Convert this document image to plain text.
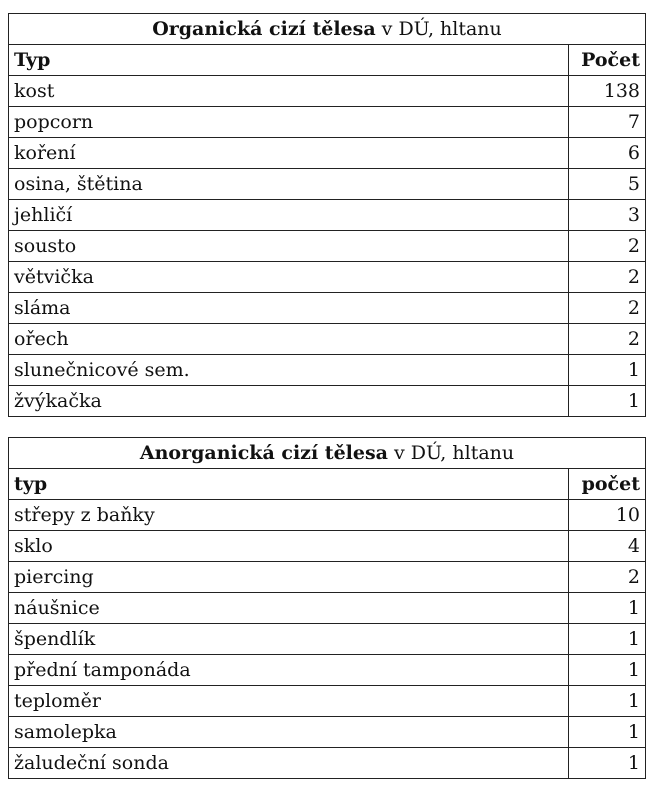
Organická cizí tělesa v DÚ, hltanu	
Typ	Počet
kost	138
popcorn	7
koření	6
osina, štětina	5
jehličí	3
sousto	2
větvička	2
sláma	2
ořech	2
slunečnicové sem.	1
žvýkačka	1
Anorganická cizí tělesa v DÚ, hltanu	
typ	počet
střepy z baňky	10
sklo	4
piercing	2
náušnice	1
špendlík	1
přední tamponáda	1
teploměr	1
samolepka	1
žaludeční sonda	1
